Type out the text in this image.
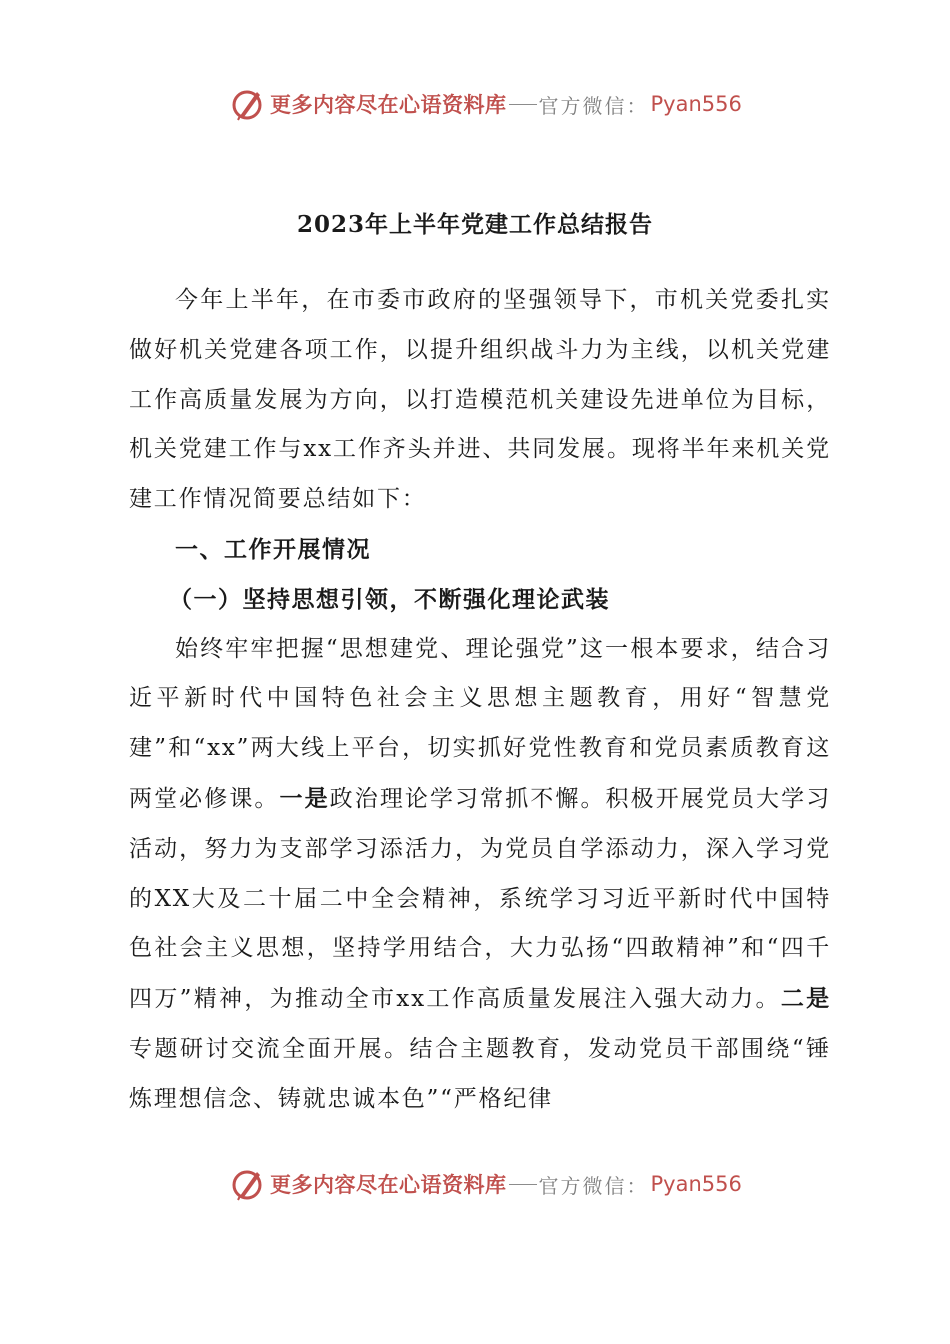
更多内容尽在心语资料库 官方微信： Pyan556
2023年上半年党建工作总结报告

今年上半年，在市委市政府的坚强领导下，市机关党委扎实做好机关党建各项工作，以提升组织战斗力为主线，以机关党建工作高质量发展为方向，以打造模范机关建设先进单位为目标，机关党建工作与xx工作齐头并进、共同发展。现将半年来机关党建工作情况简要总结如下：

一、工作开展情况
（一）坚持思想引领，不断强化理论武装

始终牢牢把握“思想建党、理论强党”这一根本要求，结合习近平新时代中国特色社会主义思想主题教育，用好“智慧党建”和“xx”两大线上平台，切实抓好党性教育和党员素质教育这两堂必修课。一是政治理论学习常抓不懈。积极开展党员大学习活动，努力为支部学习添活力，为党员自学添动力，深入学习党的XX大及二十届二中全会精神，系统学习习近平新时代中国特色社会主义思想，坚持学用结合，大力弘扬“四敢精神”和“四千四万”精神，为推动全市xx工作高质量发展注入强大动力。二是专题研讨交流全面开展。结合主题教育，发动党员干部围绕“锤炼理想信念、铸就忠诚本色”“严格纪律

更多内容尽在心语资料库 官方微信： Pyan556
